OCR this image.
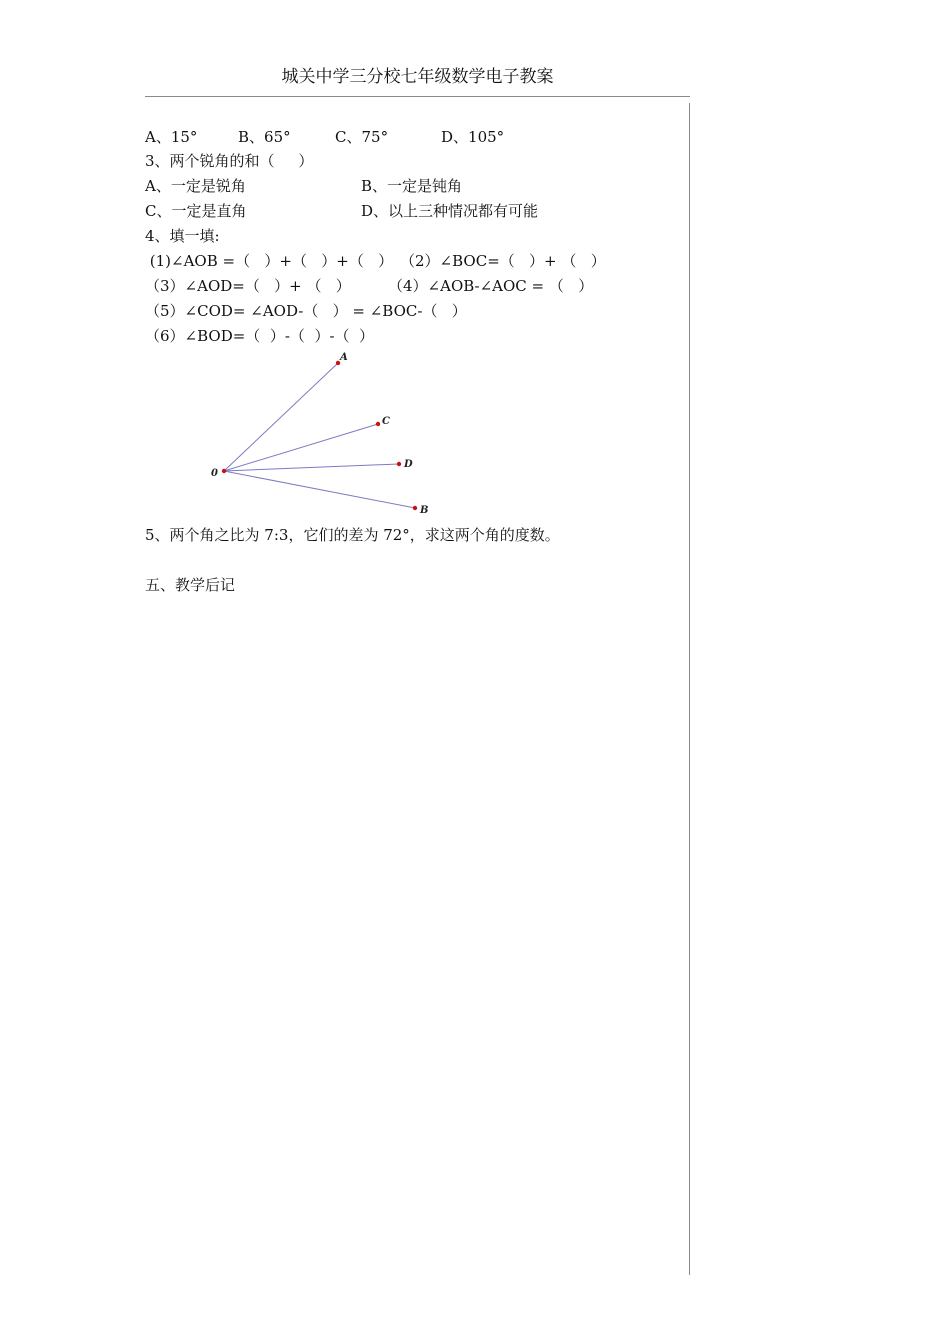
城关中学三分校七年级数学电子教案
A、15°	B、65°	C、75°	D、105°
3、两个锐角的和（     ）
A、一定是锐角	B、一定是钝角
C、一定是直角	D、以上三种情况都有可能
4、填一填:
(1)∠AOB =（   ）+（   ）+（   ） （2）∠BOC=（   ）+ （   ）
（3）∠AOD=（   ）+ （   ） （4）∠AOB-∠AOC = （   ）
（5）∠COD= ∠AOD-（   ） = ∠BOC-（   ）
（6）∠BOD=（  ）-（  ）-（  ）
0
A
C
D
B
5、两个角之比为 7:3，它们的差为 72°，求这两个角的度数。
五、教学后记
